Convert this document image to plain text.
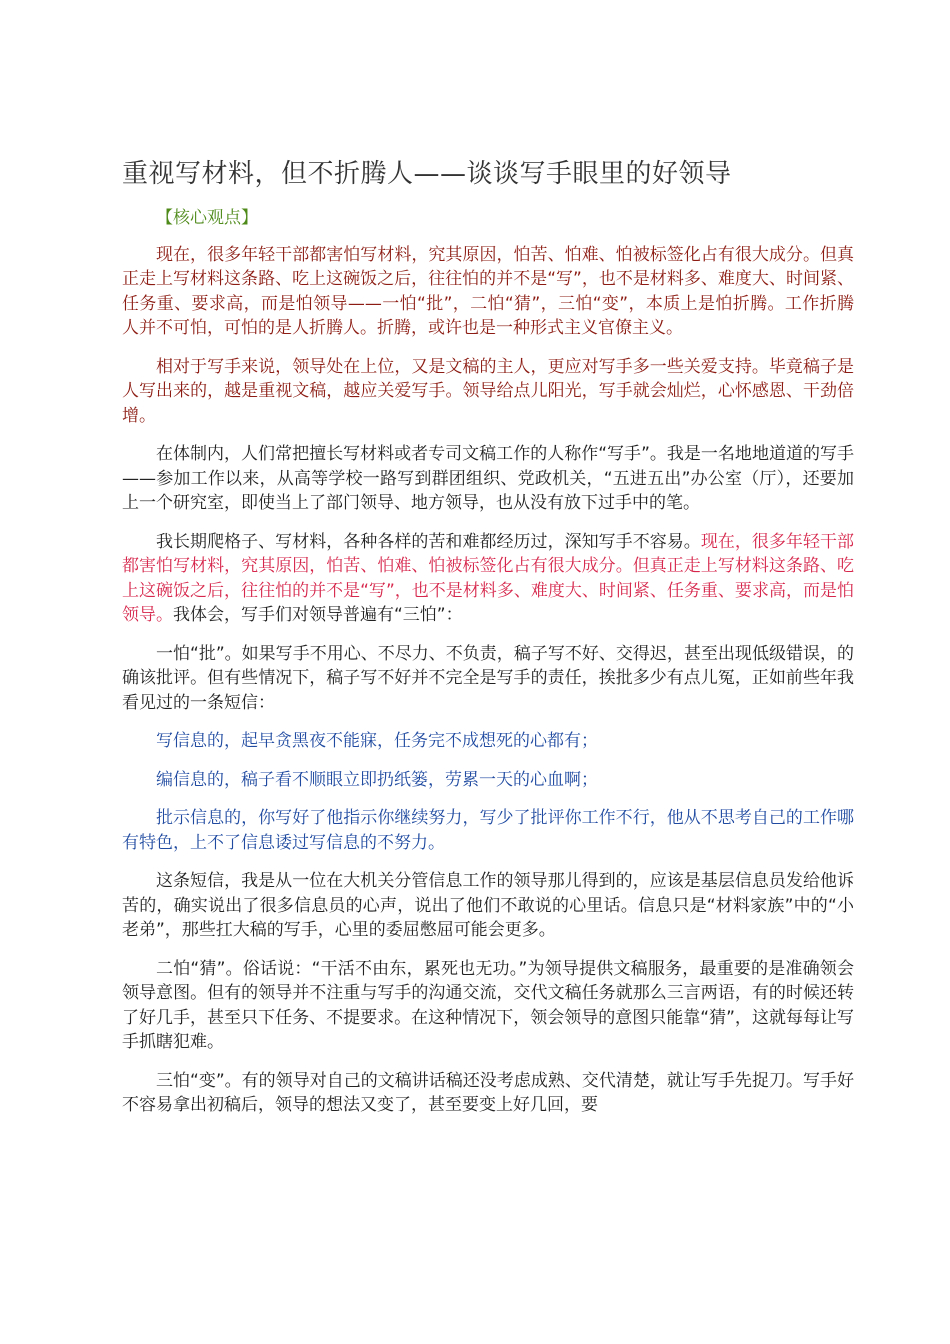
重视写材料，但不折腾人——谈谈写手眼里的好领导
【核心观点】

现在，很多年轻干部都害怕写材料，究其原因，怕苦、怕难、怕被标签化占有很大成分。但真正走上写材料这条路、吃上这碗饭之后，往往怕的并不是“写”，也不是材料多、难度大、时间紧、任务重、要求高，而是怕领导——一怕“批”，二怕“猜”，三怕“变”，本质上是怕折腾。工作折腾人并不可怕，可怕的是人折腾人。折腾，或许也是一种形式主义官僚主义。

相对于写手来说，领导处在上位，又是文稿的主人，更应对写手多一些关爱支持。毕竟稿子是人写出来的，越是重视文稿，越应关爱写手。领导给点儿阳光，写手就会灿烂，心怀感恩、干劲倍增。

在体制内，人们常把擅长写材料或者专司文稿工作的人称作“写手”。我是一名地地道道的写手——参加工作以来，从高等学校一路写到群团组织、党政机关，“五进五出”办公室（厅），还要加上一个研究室，即使当上了部门领导、地方领导，也从没有放下过手中的笔。

我长期爬格子、写材料，各种各样的苦和难都经历过，深知写手不容易。现在，很多年轻干部都害怕写材料，究其原因，怕苦、怕难、怕被标签化占有很大成分。但真正走上写材料这条路、吃上这碗饭之后，往往怕的并不是“写”，也不是材料多、难度大、时间紧、任务重、要求高，而是怕领导。我体会，写手们对领导普遍有“三怕”：

一怕“批”。如果写手不用心、不尽力、不负责，稿子写不好、交得迟，甚至出现低级错误，的确该批评。但有些情况下，稿子写不好并不完全是写手的责任，挨批多少有点儿冤，正如前些年我看见过的一条短信：

写信息的，起早贪黑夜不能寐，任务完不成想死的心都有；

编信息的，稿子看不顺眼立即扔纸篓，劳累一天的心血啊；

批示信息的，你写好了他指示你继续努力，写少了批评你工作不行，他从不思考自己的工作哪有特色，上不了信息诿过写信息的不努力。

这条短信，我是从一位在大机关分管信息工作的领导那儿得到的，应该是基层信息员发给他诉苦的，确实说出了很多信息员的心声，说出了他们不敢说的心里话。信息只是“材料家族”中的“小老弟”，那些扛大稿的写手，心里的委屈憋屈可能会更多。

二怕“猜”。俗话说：“干活不由东，累死也无功。”为领导提供文稿服务，最重要的是准确领会领导意图。但有的领导并不注重与写手的沟通交流，交代文稿任务就那么三言两语，有的时候还转了好几手，甚至只下任务、不提要求。在这种情况下，领会领导的意图只能靠“猜”，这就每每让写手抓瞎犯难。

三怕“变”。有的领导对自己的文稿讲话稿还没考虑成熟、交代清楚，就让写手先捉刀。写手好不容易拿出初稿后，领导的想法又变了，甚至要变上好几回，要
